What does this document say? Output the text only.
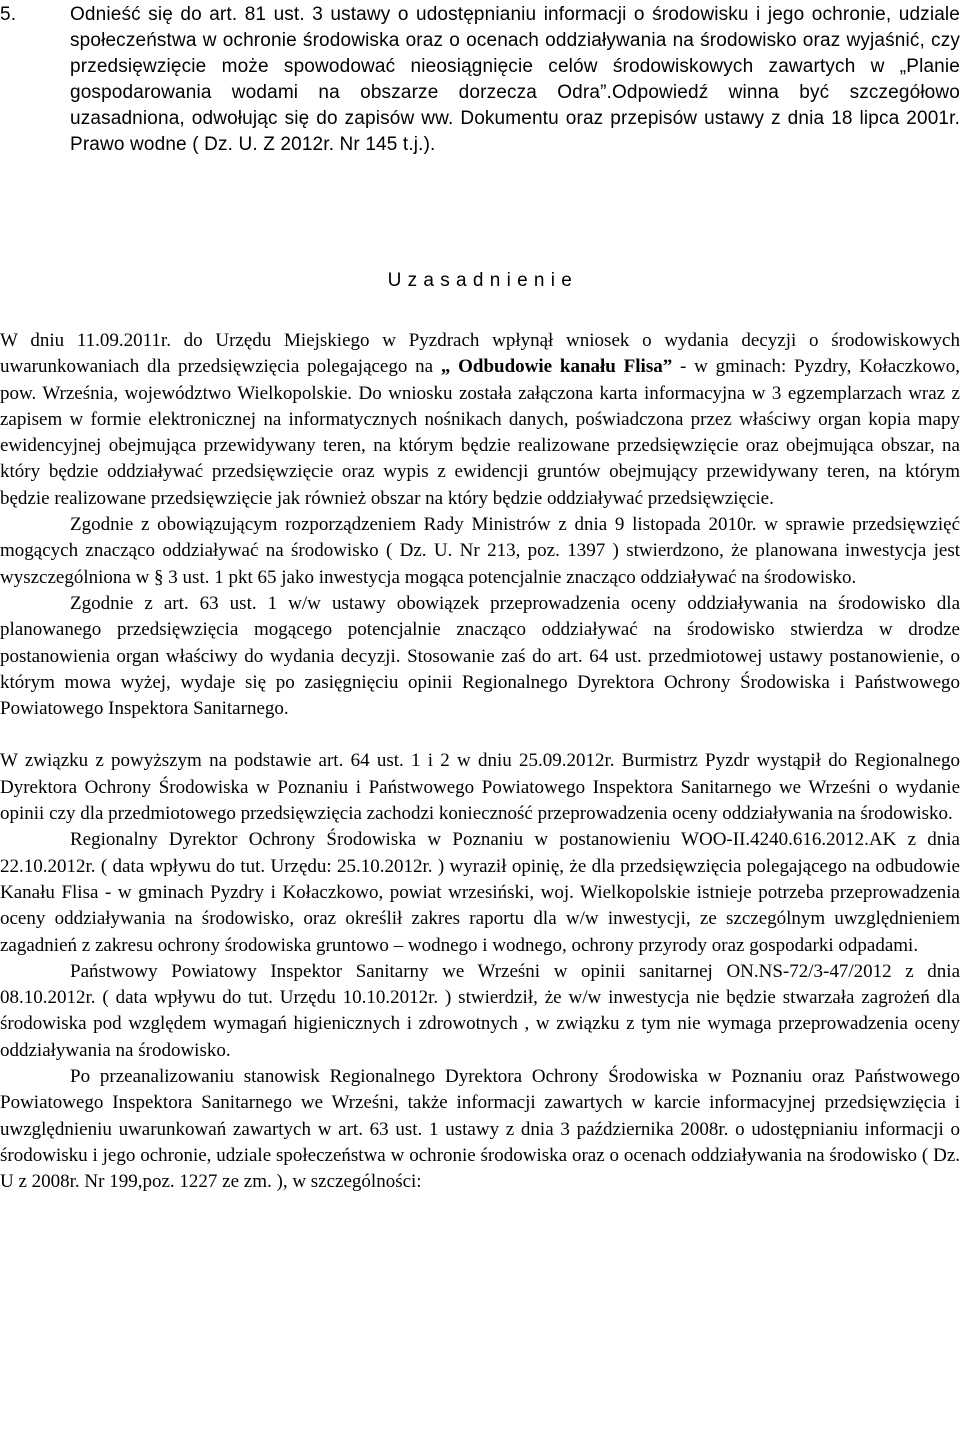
5.	Odnieść się do art. 81 ust. 3 ustawy o udostępnianiu informacji o środowisku i jego ochronie, udziale społeczeństwa w ochronie środowiska oraz o ocenach oddziaływania na środowisko oraz wyjaśnić, czy przedsięwzięcie może spowodować nieosiągnięcie celów środowiskowych zawartych w „Planie gospodarowania wodami na obszarze dorzecza Odra”.Odpowiedź winna być szczegółowo uzasadniona, odwołując się do zapisów ww. Dokumentu oraz przepisów ustawy z dnia 18 lipca 2001r. Prawo wodne ( Dz. U. Z 2012r. Nr 145 t.j.).
U z a s a d n i e n i e

W dniu 11.09.2011r. do Urzędu Miejskiego w Pyzdrach wpłynął wniosek o wydania decyzji o środowiskowych uwarunkowaniach dla przedsięwzięcia polegającego na „ Odbudowie kanału Flisa” - w gminach: Pyzdry, Kołaczkowo, pow. Września, województwo Wielkopolskie. Do wniosku została załączona karta informacyjna w 3 egzemplarzach wraz z zapisem w formie elektronicznej na informatycznych nośnikach danych, poświadczona przez właściwy organ kopia mapy ewidencyjnej obejmująca przewidywany teren, na którym będzie realizowane przedsięwzięcie oraz obejmująca obszar, na który będzie oddziaływać przedsięwzięcie oraz wypis z ewidencji gruntów obejmujący przewidywany teren, na którym będzie realizowane przedsięwzięcie jak również obszar na który będzie oddziaływać przedsięwzięcie.

Zgodnie z obowiązującym rozporządzeniem Rady Ministrów z dnia 9 listopada 2010r. w sprawie przedsięwzięć mogących znacząco oddziaływać na środowisko ( Dz. U. Nr 213, poz. 1397 ) stwierdzono, że planowana inwestycja jest wyszczególniona w § 3 ust. 1 pkt 65 jako inwestycja mogąca potencjalnie znacząco oddziaływać na środowisko.

Zgodnie z art. 63 ust. 1 w/w ustawy obowiązek przeprowadzenia oceny oddziaływania na środowisko dla planowanego przedsięwzięcia mogącego potencjalnie znacząco oddziaływać na środowisko stwierdza w drodze postanowienia organ właściwy do wydania decyzji. Stosowanie zaś do art. 64 ust. przedmiotowej ustawy postanowienie, o którym mowa wyżej, wydaje się po zasięgnięciu opinii Regionalnego Dyrektora Ochrony Środowiska i Państwowego Powiatowego Inspektora Sanitarnego.

W związku z powyższym na podstawie art. 64 ust. 1 i 2 w dniu 25.09.2012r. Burmistrz Pyzdr wystąpił do Regionalnego Dyrektora Ochrony Środowiska w Poznaniu i Państwowego Powiatowego Inspektora Sanitarnego we Wrześni o wydanie opinii czy dla przedmiotowego przedsięwzięcia zachodzi konieczność przeprowadzenia oceny oddziaływania na środowisko.

Regionalny Dyrektor Ochrony Środowiska w Poznaniu w postanowieniu WOO-II.4240.616.2012.AK z dnia 22.10.2012r. ( data wpływu do tut. Urzędu: 25.10.2012r. ) wyraził opinię, że dla przedsięwzięcia polegającego na odbudowie Kanału Flisa - w gminach Pyzdry i Kołaczkowo, powiat wrzesiński, woj. Wielkopolskie istnieje potrzeba przeprowadzenia oceny oddziaływania na środowisko, oraz określił zakres raportu dla w/w inwestycji, ze szczególnym uwzględnieniem zagadnień z zakresu ochrony środowiska gruntowo – wodnego i wodnego, ochrony przyrody oraz gospodarki odpadami.

Państwowy Powiatowy Inspektor Sanitarny we Wrześni w opinii sanitarnej ON.NS-72/3-47/2012 z dnia 08.10.2012r. ( data wpływu do tut. Urzędu 10.10.2012r. ) stwierdził, że w/w inwestycja nie będzie stwarzała zagrożeń dla środowiska pod względem wymagań higienicznych i zdrowotnych , w związku z tym nie wymaga przeprowadzenia oceny oddziaływania na środowisko.

Po przeanalizowaniu stanowisk Regionalnego Dyrektora Ochrony Środowiska w Poznaniu oraz Państwowego Powiatowego Inspektora Sanitarnego we Wrześni, także informacji zawartych w karcie informacyjnej przedsięwzięcia i uwzględnieniu uwarunkowań zawartych w art. 63 ust. 1 ustawy z dnia 3 października 2008r. o udostępnianiu informacji o środowisku i jego ochronie, udziale społeczeństwa w ochronie środowiska oraz o ocenach oddziaływania na środowisko ( Dz. U z 2008r. Nr 199,poz. 1227 ze zm. ), w szczególności:
